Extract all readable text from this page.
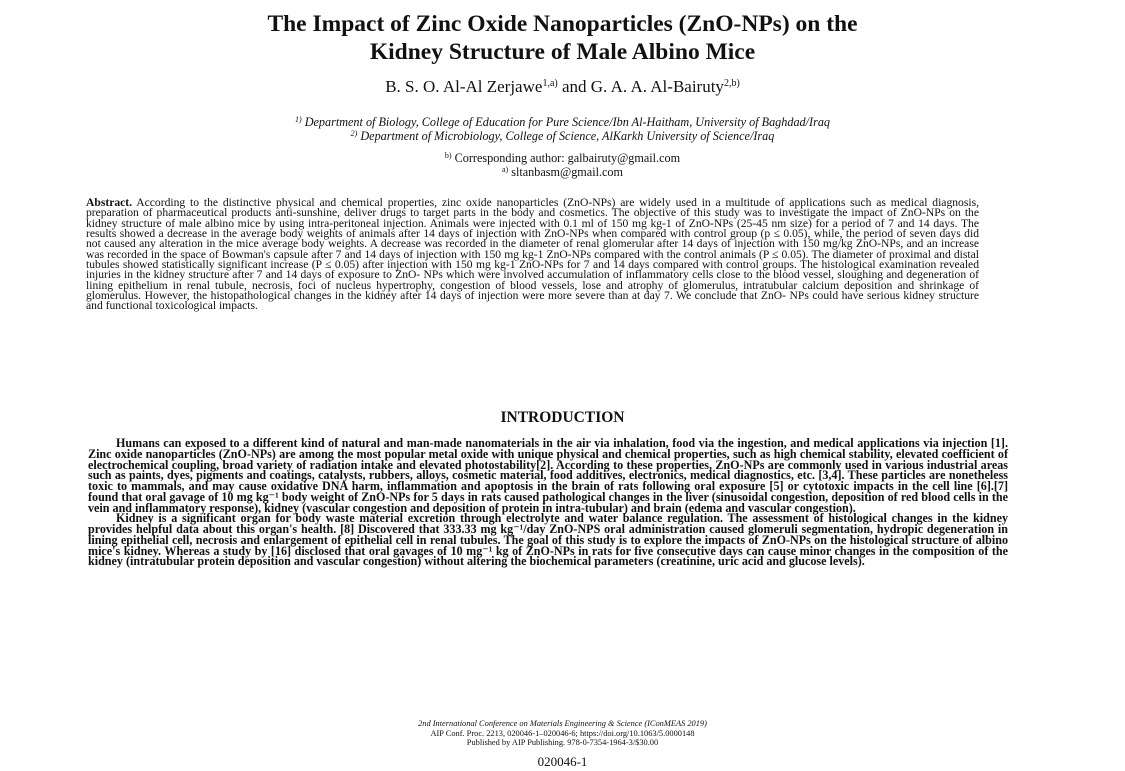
The Impact of Zinc Oxide Nanoparticles (ZnO-NPs) on the
Kidney Structure of Male Albino Mice

B. S. O. Al-Al Zerjawe$^{1,a)}$ and G. A. A. Al-Bairuty$^{2,b)}$

$^{1)}$ Department of Biology, College of Education for Pure Science/Ibn Al-Haitham, University of Baghdad/Iraq
$^{2)}$ Department of Microbiology, College of Science, AlKarkh University of Science/Iraq
$^{b)}$ Corresponding author: galbairuty@gmail.com
$^{a)}$ sltanbasm@gmail.com

Abstract. According to the distinctive physical and chemical properties, zinc oxide nanoparticles (ZnO-NPs) are widely used in a multitude of applications such as medical diagnosis, preparation of pharmaceutical products anti-sunshine, deliver drugs to target parts in the body and cosmetics. The objective of this study was to investigate the impact of ZnO-NPs on the kidney structure of male albino mice by using intra-peritoneal injection. Animals were injected with 0.1 ml of 150 mg kg-1 of ZnO-NPs (25-45 nm size) for a period of 7 and 14 days. The results showed a decrease in the average body weights of animals after 14 days of injection with ZnO-NPs when compared with control group (p ≤ 0.05), while, the period of seven days did not caused any alteration in the mice average body weights. A decrease was recorded in the diameter of renal glomerular after 14 days of injection with 150 mg/kg ZnO-NPs, and an increase was recorded in the space of Bowman's capsule after 7 and 14 days of injection with 150 mg kg-1 ZnO-NPs compared with the control animals (P ≤ 0.05). The diameter of proximal and distal tubules showed statistically significant increase (P ≤ 0.05) after injection with 150 mg kg-1 ZnO-NPs for 7 and 14 days compared with control groups. The histological examination revealed injuries in the kidney structure after 7 and 14 days of exposure to ZnO- NPs which were involved accumulation of inflammatory cells close to the blood vessel, sloughing and degeneration of lining epithelium in renal tubule, necrosis, foci of nucleus hypertrophy, congestion of blood vessels, lose and atrophy of glomerulus, intratubular calcium deposition and shrinkage of glomerulus. However, the histopathological changes in the kidney after 14 days of injection were more severe than at day 7. We conclude that ZnO- NPs could have serious kidney structure and functional toxicological impacts.

INTRODUCTION

Humans can exposed to a different kind of natural and man-made nanomaterials in the air via inhalation, food via the ingestion, and medical applications via injection [1]. Zinc oxide nanoparticles (ZnO-NPs) are among the most popular metal oxide with unique physical and chemical properties, such as high chemical stability, elevated coefficient of electrochemical coupling, broad variety of radiation intake and elevated photostability[2]. According to these properties, ZnO-NPs are commonly used in various industrial areas such as paints, dyes, pigments and coatings, catalysts, rubbers, alloys, cosmetic material, food additives, electronics, medical diagnostics, etc. [3,4]. These particles are nonetheless toxic to mammals, and may cause oxidative DNA harm, inflammation and apoptosis in the brain of rats following oral exposure [5] or cytotoxic impacts in the cell line [6].[7] found that oral gavage of 10 mg kg⁻¹ body weight of ZnO-NPs for 5 days in rats caused pathological changes in the liver (sinusoidal congestion, deposition of red blood cells in the vein and inflammatory response), kidney (vascular congestion and deposition of protein in intra-tubular) and brain (edema and vascular congestion).

Kidney is a significant organ for body waste material excretion through electrolyte and water balance regulation. The assessment of histological changes in the kidney provides helpful data about this organ's health. [8] Discovered that 333.33 mg kg⁻¹/day ZnO-NPS oral administration caused glomeruli segmentation, hydropic degeneration in lining epithelial cell, necrosis and enlargement of epithelial cell in renal tubules. The goal of this study is to explore the impacts of ZnO-NPs on the histological structure of albino mice's kidney. Whereas a study by [16] disclosed that oral gavages of 10 mg⁻¹ kg of ZnO-NPs in rats for five consecutive days can cause minor changes in the composition of the kidney (intratubular protein deposition and vascular congestion) without altering the biochemical parameters (creatinine, uric acid and glucose levels).

2nd International Conference on Materials Engineering & Science (IConMEAS 2019)
AIP Conf. Proc. 2213, 020046-1–020046-6; https://doi.org/10.1063/5.0000148
Published by AIP Publishing. 978-0-7354-1964-3/$30.00
020046-1
